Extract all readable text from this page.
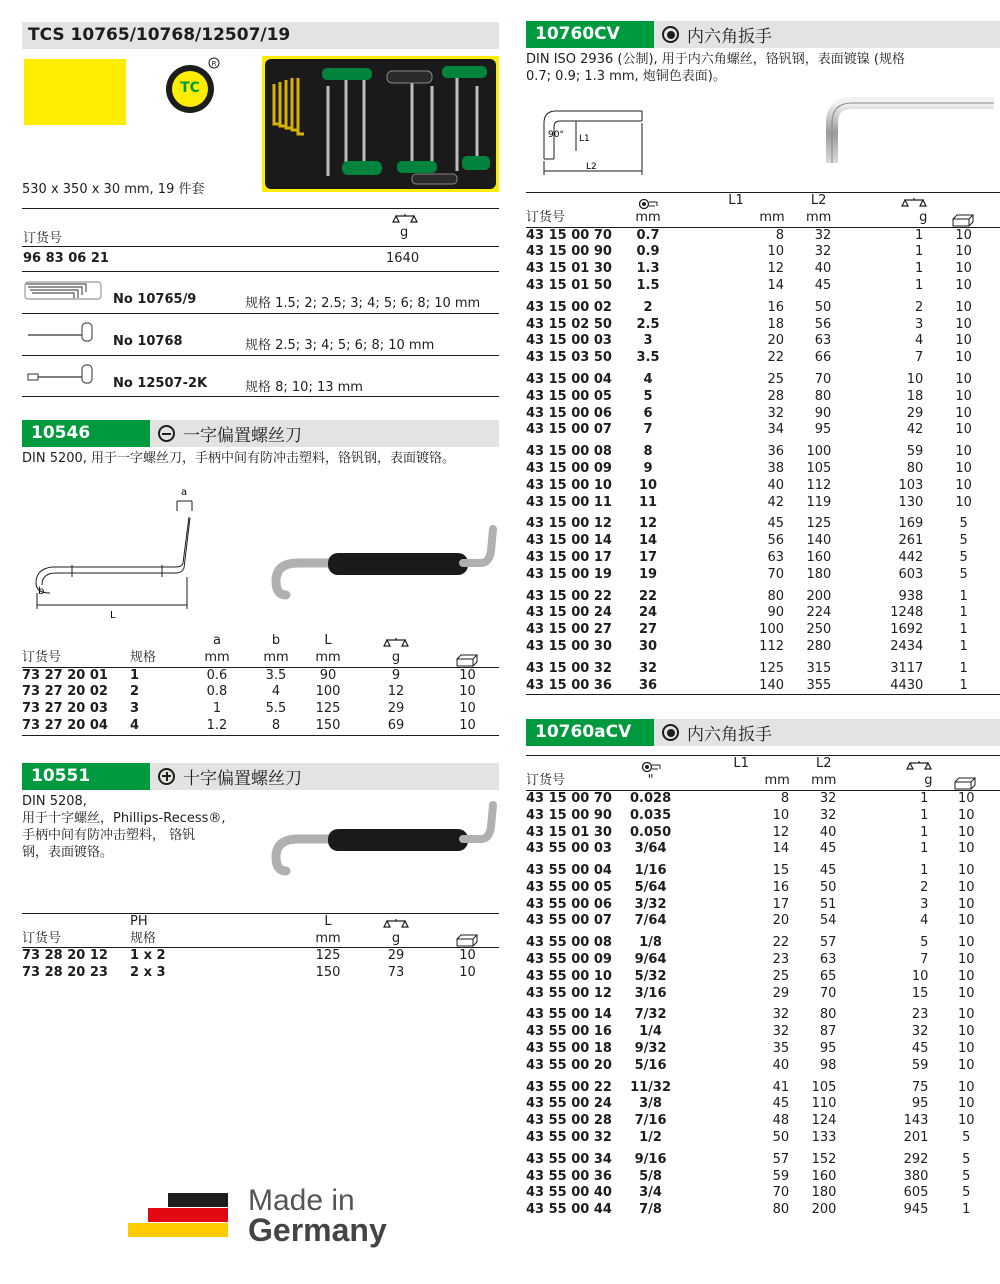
TCS 10765/10768/12507/19
TC
R
530 x 350 x 30 mm, 19 件套
g
订货号
96 83 06 21	1640
No 10765/9	规格 1.5; 2; 2.5; 3; 4; 5; 6; 8; 10 mm
No 10768	规格 2.5; 3; 4; 5; 6; 8; 10 mm
No 12507-2K	规格 8; 10; 13 mm
10546	一字偏置螺丝刀
DIN 5200, 用于一字螺丝刀，手柄中间有防冲击塑料，铬钒钢，表面镀铬。
a
b
L
		a	b	L	

订货号	规格	mm	mm	mm	g	

73 27 20 01	1	0.6	3.5	90	9	10
73 27 20 02	2	0.8	4	100	12	10
73 27 20 03	3	1	5.5	125	29	10
73 27 20 04	4	1.2	8	150	69	10

10551	十字偏置螺丝刀
DIN 5208,
用于十字螺丝，Phillips-Recess®,
手柄中间有防冲击塑料， 铬钒
钢，表面镀铬。
	PH	L	

订货号	规格	mm	g	

73 28 20 12	1 x 2	125	29	10
73 28 20 23	2 x 3	150	73	10
Made in
Germany
10760CV	内六角扳手
DIN ISO 2936 (公制), 用于内六角螺丝，铬钒钢，表面镀镍 (规格
0.7; 0.9; 1.3 mm, 炮铜色表面)。
90° L1
L2

	L1	L2	

订货号	mm	mm	mm	g	

43 15 00 70	0.7	8	32	1	10
43 15 00 90	0.9	10	32	1	10
43 15 01 30	1.3	12	40	1	10
43 15 01 50	1.5	14	45	1	10
43 15 00 02	2	16	50	2	10
43 15 02 50	2.5	18	56	3	10
43 15 00 03	3	20	63	4	10
43 15 03 50	3.5	22	66	7	10
43 15 00 04	4	25	70	10	10
43 15 00 05	5	28	80	18	10
43 15 00 06	6	32	90	29	10
43 15 00 07	7	34	95	42	10
43 15 00 08	8	36	100	59	10
43 15 00 09	9	38	105	80	10
43 15 00 10	10	40	112	103	10
43 15 00 11	11	42	119	130	10
43 15 00 12	12	45	125	169	5
43 15 00 14	14	56	140	261	5
43 15 00 17	17	63	160	442	5
43 15 00 19	19	70	180	603	5
43 15 00 22	22	80	200	938	1
43 15 00 24	24	90	224	1248	1
43 15 00 27	27	100	250	1692	1
43 15 00 30	30	112	280	2434	1
43 15 00 32	32	125	315	3117	1
43 15 00 36	36	140	355	4430	1

10760aCV	内六角扳手

	L1	L2	

订货号	"	mm	mm	g	

43 15 00 70	0.028	8	32	1	10
43 15 00 90	0.035	10	32	1	10
43 15 01 30	0.050	12	40	1	10
43 55 00 03	3/64	14	45	1	10
43 55 00 04	1/16	15	45	1	10
43 55 00 05	5/64	16	50	2	10
43 55 00 06	3/32	17	51	3	10
43 55 00 07	7/64	20	54	4	10
43 55 00 08	1/8	22	57	5	10
43 55 00 09	9/64	23	63	7	10
43 55 00 10	5/32	25	65	10	10
43 55 00 12	3/16	29	70	15	10
43 55 00 14	7/32	32	80	23	10
43 55 00 16	1/4	32	87	32	10
43 55 00 18	9/32	35	95	45	10
43 55 00 20	5/16	40	98	59	10
43 55 00 22	11/32	41	105	75	10
43 55 00 24	3/8	45	110	95	10
43 55 00 28	7/16	48	124	143	10
43 55 00 32	1/2	50	133	201	5
43 55 00 34	9/16	57	152	292	5
43 55 00 36	5/8	59	160	380	5
43 55 00 40	3/4	70	180	605	5
43 55 00 44	7/8	80	200	945	1
